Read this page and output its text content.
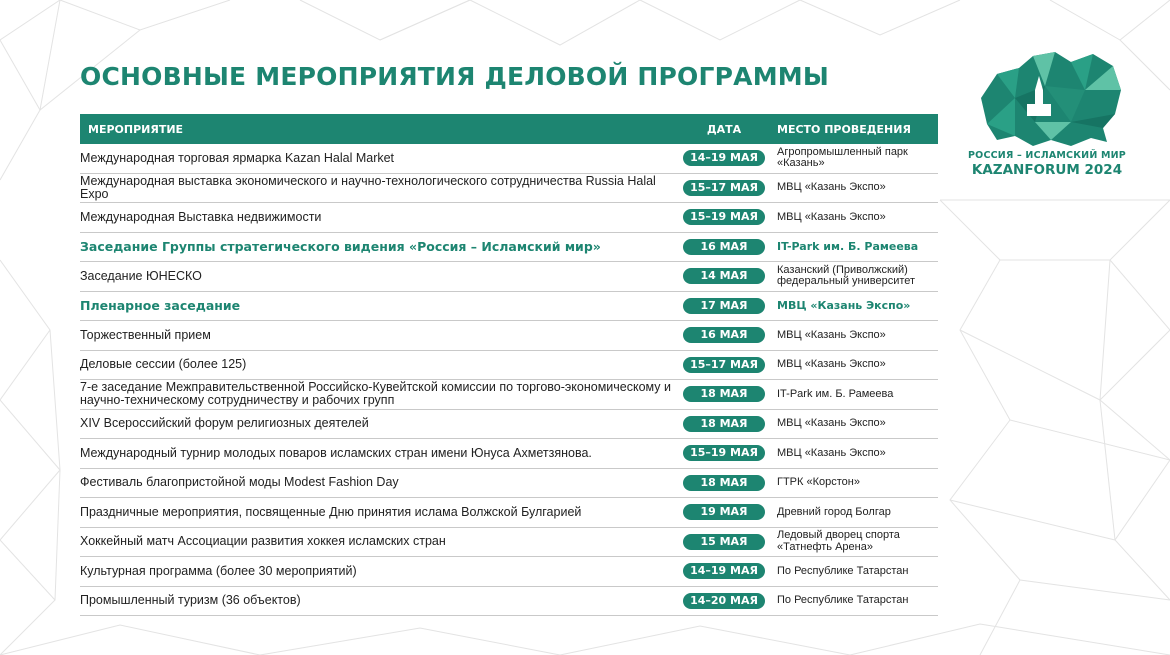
ОСНОВНЫЕ МЕРОПРИЯТИЯ ДЕЛОВОЙ ПРОГРАММЫ
РОССИЯ – ИСЛАМСКИЙ МИР
KAZANFORUM 2024
МЕРОПРИЯТИЕ	ДАТА	МЕСТО ПРОВЕДЕНИЯ
Международная торговая ярмарка Kazan Halal Market	14–19 МАЯ	Агропромышленный парк
«Казань»
Международная выставка экономического и научно-технологического сотрудничества Russia Halal Expo	15–17 МАЯ	МВЦ «Казань Экспо»
Международная Выставка недвижимости	15–19 МАЯ	МВЦ «Казань Экспо»
Заседание Группы стратегического видения «Россия – Исламский мир»	16 МАЯ	IT-Park им. Б. Рамеева
Заседание ЮНЕСКО	14 МАЯ	Казанский (Приволжский)
федеральный университет
Пленарное заседание	17 МАЯ	МВЦ «Казань Экспо»
Торжественный прием	16 МАЯ	МВЦ «Казань Экспо»
Деловые сессии (более 125)	15–17 МАЯ	МВЦ «Казань Экспо»
7-е заседание Межправительственной Российско-Кувейтской комиссии по торгово-экономическому и научно-техническому сотрудничеству и рабочих групп	18 МАЯ	IT-Park им. Б. Рамеева
XIV Всероссийский форум религиозных деятелей	18 МАЯ	МВЦ «Казань Экспо»
Международный турнир молодых поваров исламских стран имени Юнуса Ахметзянова.	15–19 МАЯ	МВЦ «Казань Экспо»
Фестиваль благопристойной моды Modest Fashion Day	18 МАЯ	ГТРК «Корстон»
Праздничные мероприятия, посвященные Дню принятия ислама Волжской Булгарией	19 МАЯ	Древний город Болгар
Хоккейный матч Ассоциации развития хоккея исламских стран	15 МАЯ	Ледовый дворец спорта
«Татнефть Арена»
Культурная программа (более 30 мероприятий)	14–19 МАЯ	По Республике Татарстан
Промышленный туризм (36 объектов)	14–20 МАЯ	По Республике Татарстан
